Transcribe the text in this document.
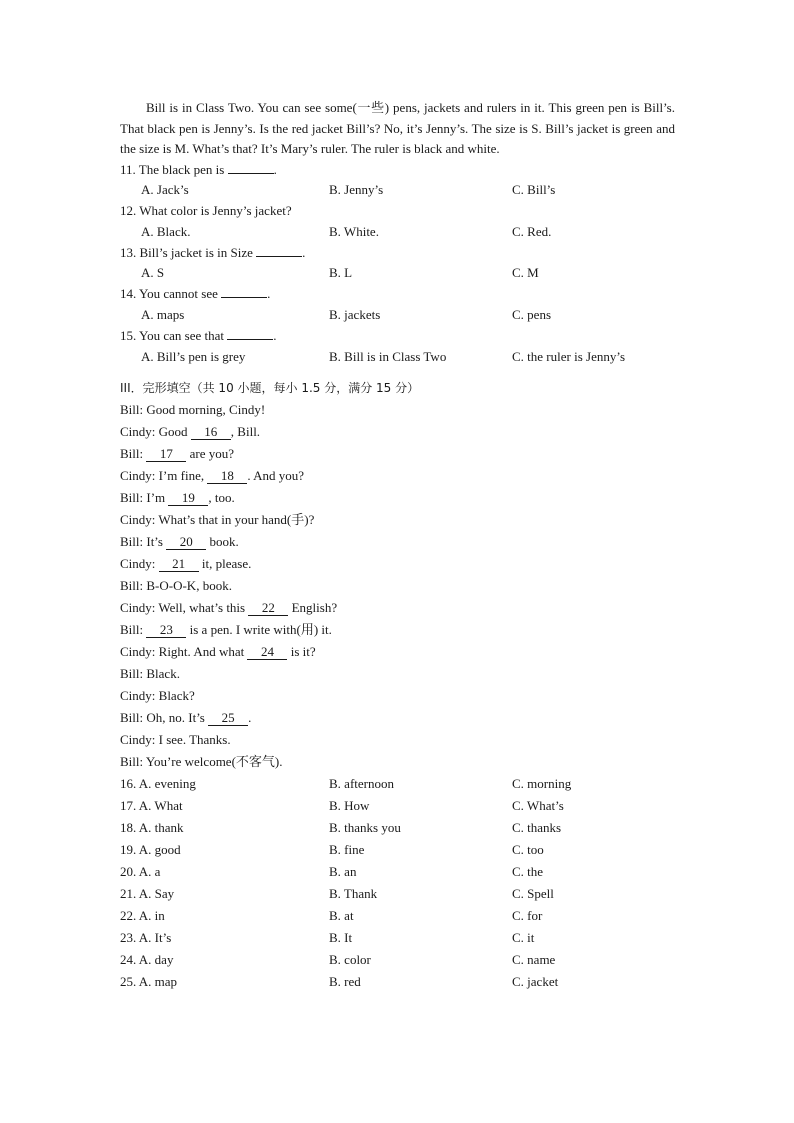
Bill is in Class Two. You can see some(一些) pens, jackets and rulers in it. This green pen is Bill’s. That black pen is Jenny’s. Is the red jacket Bill’s? No, it’s Jenny’s. The size is S. Bill’s jacket is green and the size is M. What’s that? It’s Mary’s ruler. The ruler is black and white.

11. The black pen is	.
A. Jack’s	B. Jenny’s	C. Bill’s
12. What color is Jenny’s jacket?
A. Black.	B. White.	C. Red.
13. Bill’s jacket is in Size	.
A. S	B. L	C. M
14. You cannot see	.
A. maps	B. jackets	C. pens
15. You can see that	.
A. Bill’s pen is grey	B. Bill is in Class Two	C. the ruler is Jenny’s
III．完形填空（共 10 小题，每小 1.5 分，满分 15 分）
Bill: Good morning, Cindy!
Cindy: Good 16 , Bill.
Bill: 17 are you?
Cindy: I’m fine, 18 . And you?
Bill: I’m 19 , too.
Cindy: What’s that in your hand(手)?
Bill: It’s 20 book.
Cindy: 21 it, please.
Bill: B-O-O-K, book.
Cindy: Well, what’s this 22 English?
Bill: 23 is a pen. I write with(用) it.
Cindy: Right. And what 24 is it?
Bill: Black.
Cindy: Black?
Bill: Oh, no. It’s 25 .
Cindy: I see. Thanks.
Bill: You’re welcome(不客气).
16. A. evening	B. afternoon	C. morning
17. A. What	B. How	C. What’s
18. A. thank	B. thanks you	C. thanks
19. A. good	B. fine	C. too
20. A. a	B. an	C. the
21. A. Say	B. Thank	C. Spell
22. A. in	B. at	C. for
23. A. It’s	B. It	C. it
24. A. day	B. color	C. name
25. A. map	B. red	C. jacket
